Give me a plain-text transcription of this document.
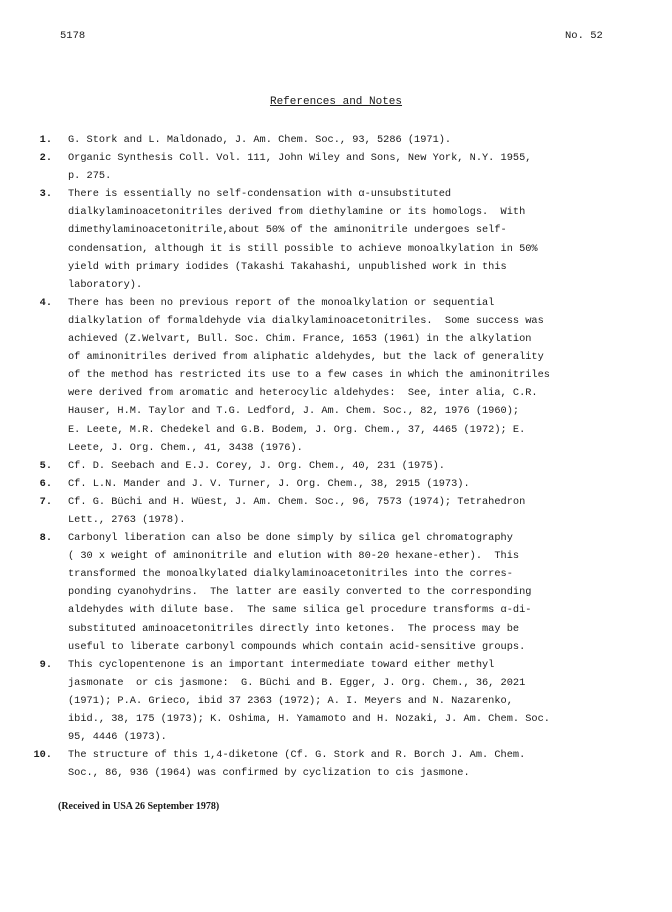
5178	No. 52
References and Notes
1. G. Stork and L. Maldonado, J. Am. Chem. Soc., 93, 5286 (1971).
2. Organic Synthesis Coll. Vol. 111, John Wiley and Sons, New York, N.Y. 1955,
p. 275.
3. There is essentially no self-condensation with α-unsubstituted
dialkylaminoacetonitriles derived from diethylamine or its homologs.  With
dimethylaminoacetonitrile,about 50% of the aminonitrile undergoes self-
condensation, although it is still possible to achieve monoalkylation in 50%
yield with primary iodides (Takashi Takahashi, unpublished work in this
laboratory).
4. There has been no previous report of the monoalkylation or sequential
dialkylation of formaldehyde via dialkylaminoacetonitriles.  Some success was
achieved (Z.Welvart, Bull. Soc. Chim. France, 1653 (1961) in the alkylation
of aminonitriles derived from aliphatic aldehydes, but the lack of generality
of the method has restricted its use to a few cases in which the aminonitriles
were derived from aromatic and heterocylic aldehydes:  See, inter alia, C.R.
Hauser, H.M. Taylor and T.G. Ledford, J. Am. Chem. Soc., 82, 1976 (1960);
E. Leete, M.R. Chedekel and G.B. Bodem, J. Org. Chem., 37, 4465 (1972); E.
Leete, J. Org. Chem., 41, 3438 (1976).
5. Cf. D. Seebach and E.J. Corey, J. Org. Chem., 40, 231 (1975).
6. Cf. L.N. Mander and J. V. Turner, J. Org. Chem., 38, 2915 (1973).
7. Cf. G. Büchi and H. Wüest, J. Am. Chem. Soc., 96, 7573 (1974); Tetrahedron
Lett., 2763 (1978).
8. Carbonyl liberation can also be done simply by silica gel chromatography
( 30 x weight of aminonitrile and elution with 80-20 hexane-ether).  This
transformed the monoalkylated dialkylaminoacetonitriles into the corres-
ponding cyanohydrins.  The latter are easily converted to the corresponding
aldehydes with dilute base.  The same silica gel procedure transforms α-di-
substituted aminoacetonitriles directly into ketones.  The process may be
useful to liberate carbonyl compounds which contain acid-sensitive groups.
9. This cyclopentenone is an important intermediate toward either methyl
jasmonate  or cis jasmone:  G. Büchi and B. Egger, J. Org. Chem., 36, 2021
(1971); P.A. Grieco, ibid 37 2363 (1972); A. I. Meyers and N. Nazarenko,
ibid., 38, 175 (1973); K. Oshima, H. Yamamoto and H. Nozaki, J. Am. Chem. Soc.
95, 4446 (1973).
10. The structure of this 1,4-diketone (Cf. G. Stork and R. Borch J. Am. Chem.
Soc., 86, 936 (1964) was confirmed by cyclization to cis jasmone.
(Received in USA 26 September 1978)
